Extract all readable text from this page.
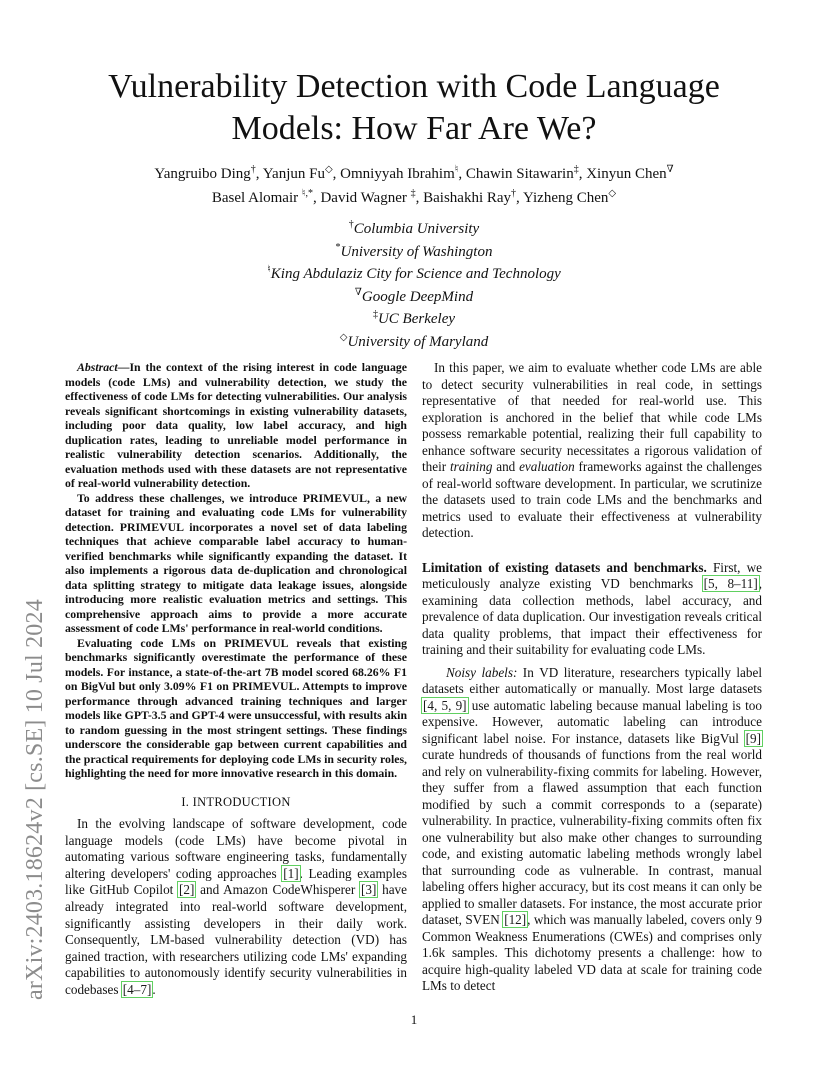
arXiv:2403.18624v2 [cs.SE] 10 Jul 2024
Vulnerability Detection with Code Language
Models: How Far Are We?
Yangruibo Ding†, Yanjun Fu◇, Omniyyah Ibrahim♮, Chawin Sitawarin‡, Xinyun Chen∇
Basel Alomair ♮,*, David Wagner ‡, Baishakhi Ray†, Yizheng Chen◇
†Columbia University
*University of Washington
♮King Abdulaziz City for Science and Technology
∇Google DeepMind
‡UC Berkeley
◇University of Maryland

Abstract—In the context of the rising interest in code language models (code LMs) and vulnerability detection, we study the effectiveness of code LMs for detecting vulnerabilities. Our analysis reveals significant shortcomings in existing vulnerability datasets, including poor data quality, low label accuracy, and high duplication rates, leading to unreliable model performance in realistic vulnerability detection scenarios. Additionally, the evaluation methods used with these datasets are not representative of real-world vulnerability detection.

To address these challenges, we introduce PRIMEVUL, a new dataset for training and evaluating code LMs for vulnerability detection. PRIMEVUL incorporates a novel set of data labeling techniques that achieve comparable label accuracy to human-verified benchmarks while significantly expanding the dataset. It also implements a rigorous data de-duplication and chronological data splitting strategy to mitigate data leakage issues, alongside introducing more realistic evaluation metrics and settings. This comprehensive approach aims to provide a more accurate assessment of code LMs' performance in real-world conditions.

Evaluating code LMs on PRIMEVUL reveals that existing benchmarks significantly overestimate the performance of these models. For instance, a state-of-the-art 7B model scored 68.26% F1 on BigVul but only 3.09% F1 on PRIMEVUL. Attempts to improve performance through advanced training techniques and larger models like GPT-3.5 and GPT-4 were unsuccessful, with results akin to random guessing in the most stringent settings. These findings underscore the considerable gap between current capabilities and the practical requirements for deploying code LMs in security roles, highlighting the need for more innovative research in this domain.

I. INTRODUCTION

In the evolving landscape of software development, code language models (code LMs) have become pivotal in automating various software engineering tasks, fundamentally altering developers' coding approaches [1]. Leading examples like GitHub Copilot [2] and Amazon CodeWhisperer [3] have already integrated into real-world software development, significantly assisting developers in their daily work. Consequently, LM-based vulnerability detection (VD) has gained traction, with researchers utilizing code LMs' expanding capabilities to autonomously identify security vulnerabilities in codebases [4–7].

In this paper, we aim to evaluate whether code LMs are able to detect security vulnerabilities in real code, in settings representative of that needed for real-world use. This exploration is anchored in the belief that while code LMs possess remarkable potential, realizing their full capability to enhance software security necessitates a rigorous validation of their training and evaluation frameworks against the challenges of real-world software development. In particular, we scrutinize the datasets used to train code LMs and the benchmarks and metrics used to evaluate their effectiveness at vulnerability detection.

Limitation of existing datasets and benchmarks. First, we meticulously analyze existing VD benchmarks [5, 8–11], examining data collection methods, label accuracy, and prevalence of data duplication. Our investigation reveals critical data quality problems, that impact their effectiveness for training and their suitability for evaluating code LMs.

Noisy labels: In VD literature, researchers typically label datasets either automatically or manually. Most large datasets [4, 5, 9] use automatic labeling because manual labeling is too expensive. However, automatic labeling can introduce significant label noise. For instance, datasets like BigVul [9] curate hundreds of thousands of functions from the real world and rely on vulnerability-fixing commits for labeling. However, they suffer from a flawed assumption that each function modified by such a commit corresponds to a (separate) vulnerability. In practice, vulnerability-fixing commits often fix one vulnerability but also make other changes to surrounding code, and existing automatic labeling methods wrongly label that surrounding code as vulnerable. In contrast, manual labeling offers higher accuracy, but its cost means it can only be applied to smaller datasets. For instance, the most accurate prior dataset, SVEN [12], which was manually labeled, covers only 9 Common Weakness Enumerations (CWEs) and comprises only 1.6k samples. This dichotomy presents a challenge: how to acquire high-quality labeled VD data at scale for training code LMs to detect

1
